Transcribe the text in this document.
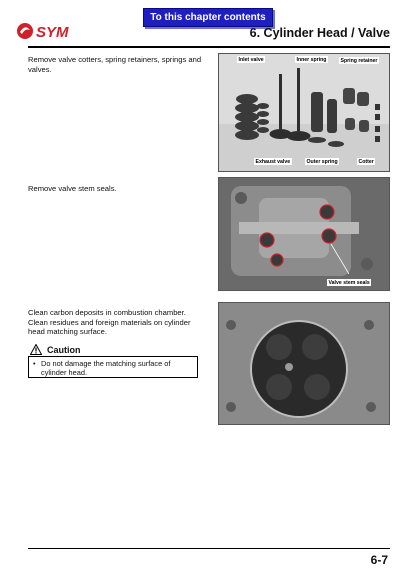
SYM
To this chapter contents
6. Cylinder Head / Valve
Remove valve cotters, spring retainers, springs and valves.
Inlet valve	Inner spring	Spring retainer
Exhaust valve	Outer spring	Cotter
Remove valve stem seals.
Valve stem seals
Clean carbon deposits in combustion chamber. Clean residues and foreign materials on cylinder head matching surface.
Caution
• Do not damage the matching surface of cylinder head.
6-7
